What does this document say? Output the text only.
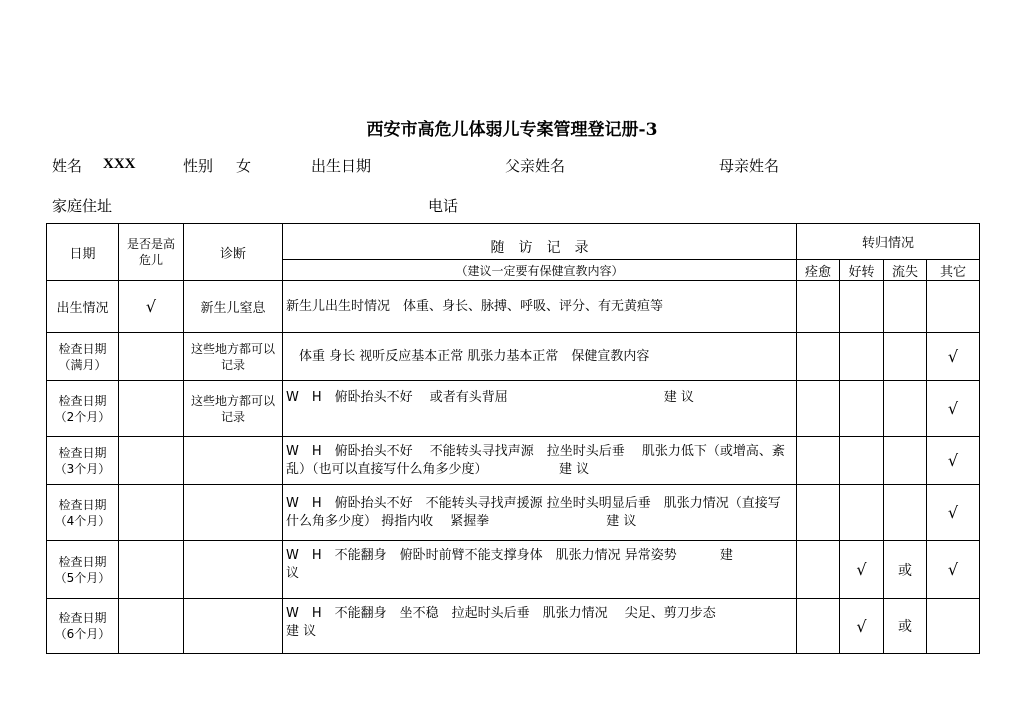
西安市高危儿体弱儿专案管理登记册-3
姓名 XXX	性别 女	出生日期	父亲姓名	母亲姓名
家庭住址	电话
日期	是否是高危儿	诊断	随　访　记　录	转归情况			
			（建议一定要有保健宣教内容）	痊愈	好转	流失	其它
出生情况	√	新生儿窒息	新生儿出生时情况　体重、身长、脉搏、呼吸、评分、有无黄疸等				

检查日期
（满月）		这些地方都可以记录	　体重 身长 视听反应基本正常 肌张力基本正常　保健宣教内容				√

检查日期
（2个月）		这些地方都可以记录	W　H　俯卧抬头不好　 或者有头背屈　　　　　　　　　　　　建 议				√

检查日期
（3个月）			W　H　俯卧抬头不好　 不能转头寻找声源　拉坐时头后垂　 肌张力低下（或增高、紊乱）（也可以直接写什么角多少度）　　　　　　建 议				√

检查日期
（4个月）			W　H　俯卧抬头不好　不能转头寻找声援源 拉坐时头明显后垂　肌张力情况（直接写什么角多少度） 拇指内收　 紧握拳　　　　　　　　　建 议				√

检查日期
（5个月）			W　H　不能翻身　俯卧时前臂不能支撑身体　肌张力情况 异常姿势　　　 建　　　　　议		√	或	√

检查日期
（6个月）			W　H　不能翻身　坐不稳　拉起时头后垂　肌张力情况　 尖足、剪刀步态　　　　　建 议		√	或	
